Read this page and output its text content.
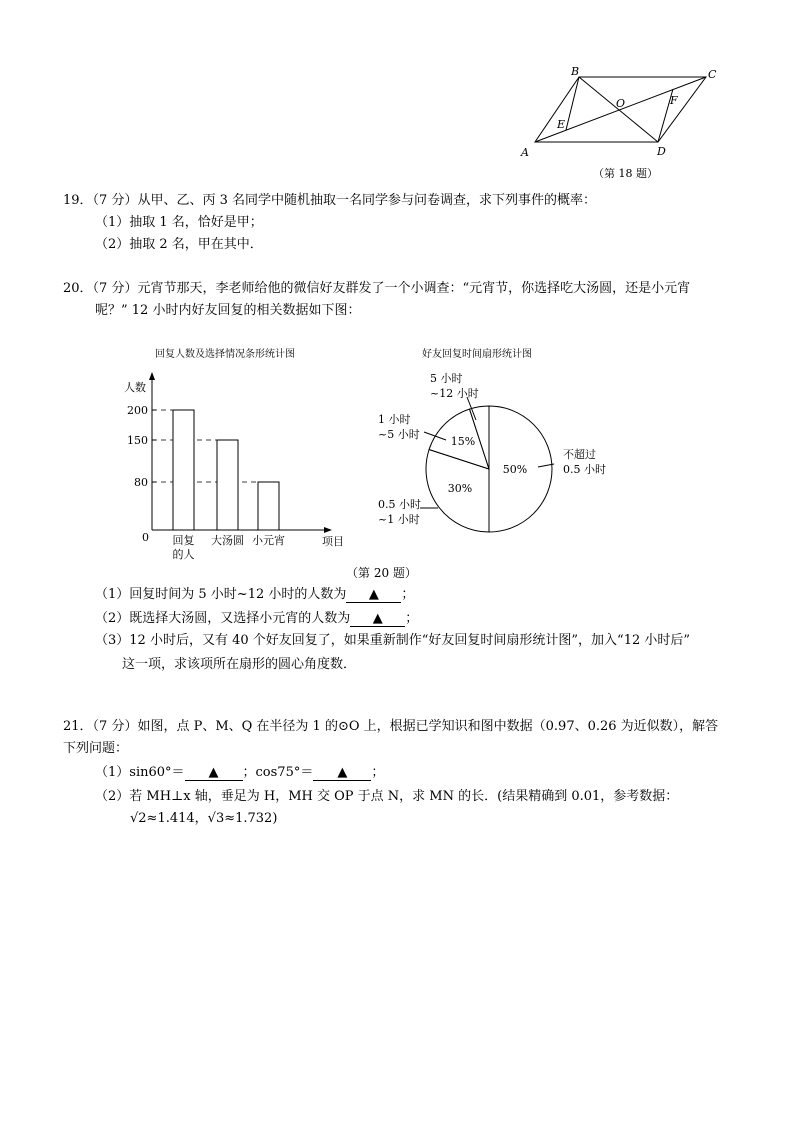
A
B	C
D
O
E
F
（第 18 题）
19．（7 分）从甲、乙、丙 3 名同学中随机抽取一名同学参与问卷调查，求下列事件的概率：
（1）抽取 1 名，恰好是甲；
（2）抽取 2 名，甲在其中．
20．（7 分）元宵节那天，李老师给他的微信好友群发了一个小调查：“元宵节，你选择吃大汤圆，还是小元宵
呢？” 12 小时内好友回复的相关数据如下图：
回复人数及选择情况条形统计图
人数
项目
0
80
150
200
回复
的人
大汤圆 小元宵
好友回复时间扇形统计图
50%
不超过
0.5 小时
30%
0.5 小时
~1 小时
15%
1 小时
~5 小时
5 小时
~12 小时
（第 20 题）
（1）回复时间为 5 小时~12 小时的人数为 ▲ ；
（2）既选择大汤圆，又选择小元宵的人数为 ▲ ；
（3）12 小时后，又有 40 个好友回复了，如果重新制作“好友回复时间扇形统计图”，加入“12 小时后”
这一项，求该项所在扇形的圆心角度数．
21．（7 分）如图，点 P、M、Q 在半径为 1 的⊙O 上，根据已学知识和图中数据（0.97、0.26 为近似数），解答
下列问题：
（1）sin60°＝ ▲ ；cos75°＝ ▲ ；
（2）若 MH⊥x 轴，垂足为 H，MH 交 OP 于点 N，求 MN 的长．(结果精确到 0.01，参考数据：
√2≈1.414，√3≈1.732)
